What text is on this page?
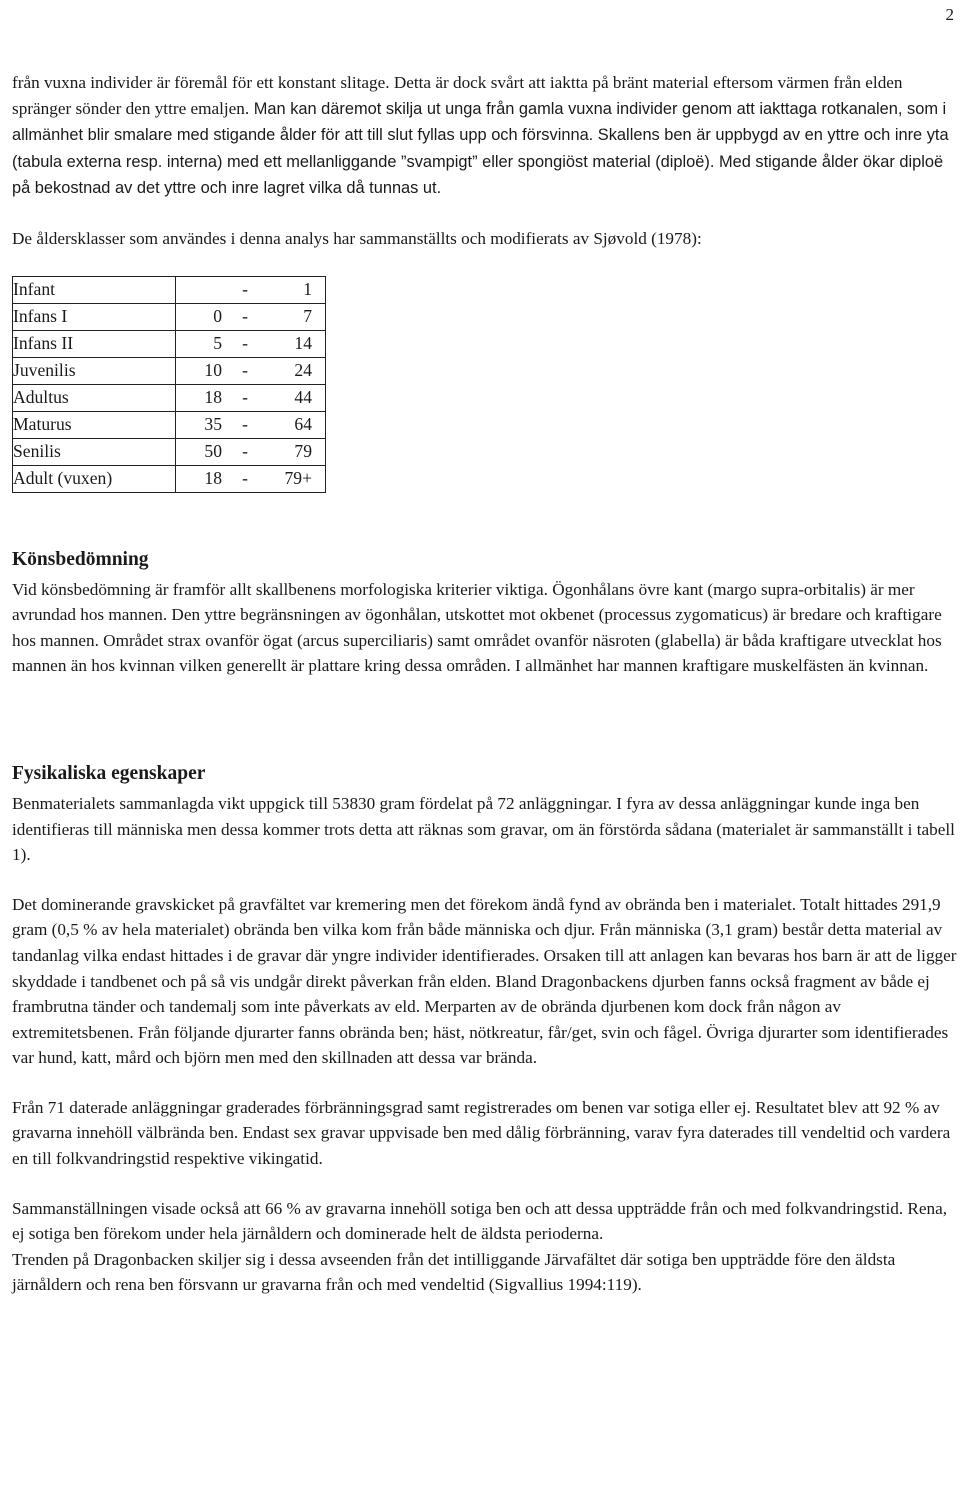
2

från vuxna individer är föremål för ett konstant slitage. Detta är dock svårt att iaktta på bränt material eftersom värmen från elden spränger sönder den yttre emaljen. Man kan däremot skilja ut unga från gamla vuxna individer genom att iakttaga rotkanalen, som i allmänhet blir smalare med stigande ålder för att till slut fyllas upp och försvinna. Skallens ben är uppbygd av en yttre och inre yta (tabula externa resp. interna) med ett mellanliggande ”svampigt” eller spongiöst material (diploë). Med stigande ålder ökar diploë på bekostnad av det yttre och inre lagret vilka då tunnas ut.

De åldersklasser som användes i denna analys har sammanställts och modifierats av Sjøvold (1978):

Infant	- 1

Infans I	0 - 7

Infans II	5 - 14

Juvenilis	10 - 24

Adultus	18 - 44

Maturus	35 - 64

Senilis	50 - 79

Adult (vuxen)	18 - 79+
Könsbedömning

Vid könsbedömning är framför allt skallbenens morfologiska kriterier viktiga. Ögonhålans övre kant (margo supra-orbitalis) är mer avrundad hos mannen. Den yttre begränsningen av ögonhålan, utskottet mot okbenet (processus zygomaticus) är bredare och kraftigare hos mannen. Området strax ovanför ögat (arcus superciliaris) samt området ovanför näsroten (glabella) är båda kraftigare utvecklat hos mannen än hos kvinnan vilken generellt är plattare kring dessa områden. I allmänhet har mannen kraftigare muskelfästen än kvinnan.

Fysikaliska egenskaper

Benmaterialets sammanlagda vikt uppgick till 53830 gram fördelat på 72 anläggningar. I fyra av dessa anläggningar kunde inga ben identifieras till människa men dessa kommer trots detta att räknas som gravar, om än förstörda sådana (materialet är sammanställt i tabell 1).

Det dominerande gravskicket på gravfältet var kremering men det förekom ändå fynd av obrända ben i materialet. Totalt hittades 291,9 gram (0,5 % av hela materialet) obrända ben vilka kom från både människa och djur. Från människa (3,1 gram) består detta material av tandanlag vilka endast hittades i de gravar där yngre individer identifierades. Orsaken till att anlagen kan bevaras hos barn är att de ligger skyddade i tandbenet och på så vis undgår direkt påverkan från elden. Bland Dragonbackens djurben fanns också fragment av både ej frambrutna tänder och tandemalj som inte påverkats av eld. Merparten av de obrända djurbenen kom dock från någon av extremitetsbenen. Från följande djurarter fanns obrända ben; häst, nötkreatur, får/get, svin och fågel. Övriga djurarter som identifierades var hund, katt, mård och björn men med den skillnaden att dessa var brända.

Från 71 daterade anläggningar graderades förbränningsgrad samt registrerades om benen var sotiga eller ej. Resultatet blev att 92 % av gravarna innehöll välbrända ben. Endast sex gravar uppvisade ben med dålig förbränning, varav fyra daterades till vendeltid och vardera en till folkvandringstid respektive vikingatid.

Sammanställningen visade också att 66 % av gravarna innehöll sotiga ben och att dessa uppträdde från och med folkvandringstid. Rena, ej sotiga ben förekom under hela järnåldern och dominerade helt de äldsta perioderna.

Trenden på Dragonbacken skiljer sig i dessa avseenden från det intilliggande Järvafältet där sotiga ben uppträdde före den äldsta järnåldern och rena ben försvann ur gravarna från och med vendeltid (Sigvallius 1994:119).
